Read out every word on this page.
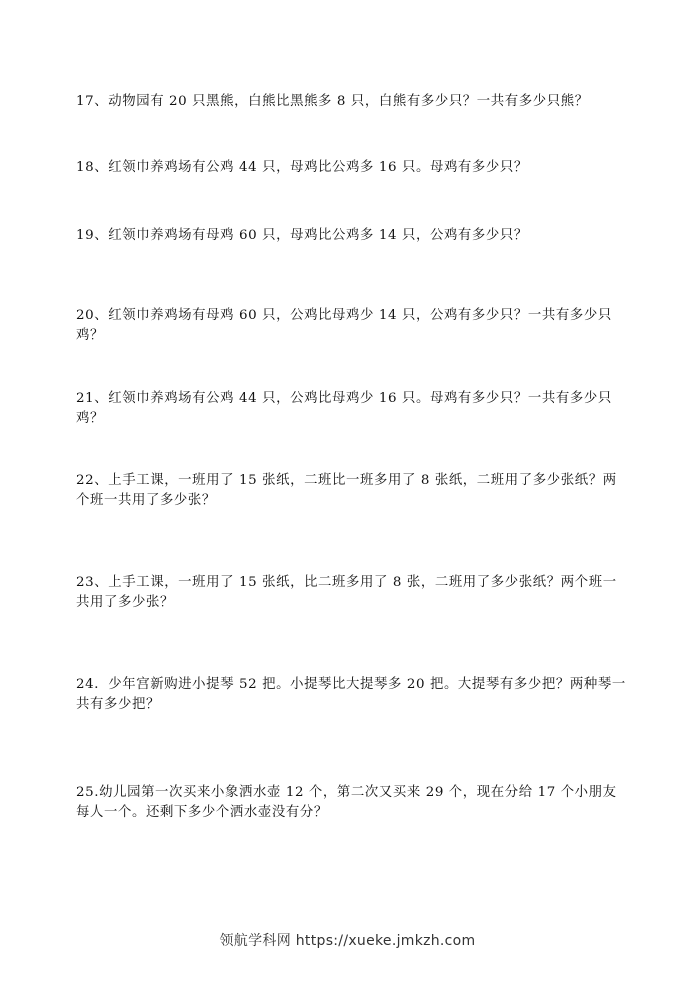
17、动物园有 20 只黑熊，白熊比黑熊多 8 只，白熊有多少只？一共有多少只熊？

18、红领巾养鸡场有公鸡 44 只，母鸡比公鸡多 16 只。母鸡有多少只？

19、红领巾养鸡场有母鸡 60 只，母鸡比公鸡多 14 只，公鸡有多少只？

20、红领巾养鸡场有母鸡 60 只，公鸡比母鸡少 14 只，公鸡有多少只？一共有多少只鸡？

21、红领巾养鸡场有公鸡 44 只，公鸡比母鸡少 16 只。母鸡有多少只？一共有多少只鸡？

22、上手工课，一班用了 15 张纸，二班比一班多用了 8 张纸，二班用了多少张纸？两个班一共用了多少张？

23、上手工课，一班用了 15 张纸，比二班多用了 8 张，二班用了多少张纸？两个班一共用了多少张？

24．少年宫新购进小提琴 52 把。小提琴比大提琴多 20 把。大提琴有多少把？两种琴一共有多少把？

25.幼儿园第一次买来小象洒水壶 12 个，第二次又买来 29 个，现在分给 17 个小朋友每人一个。还剩下多少个洒水壶没有分？

领航学科网 https://xueke.jmkzh.com
